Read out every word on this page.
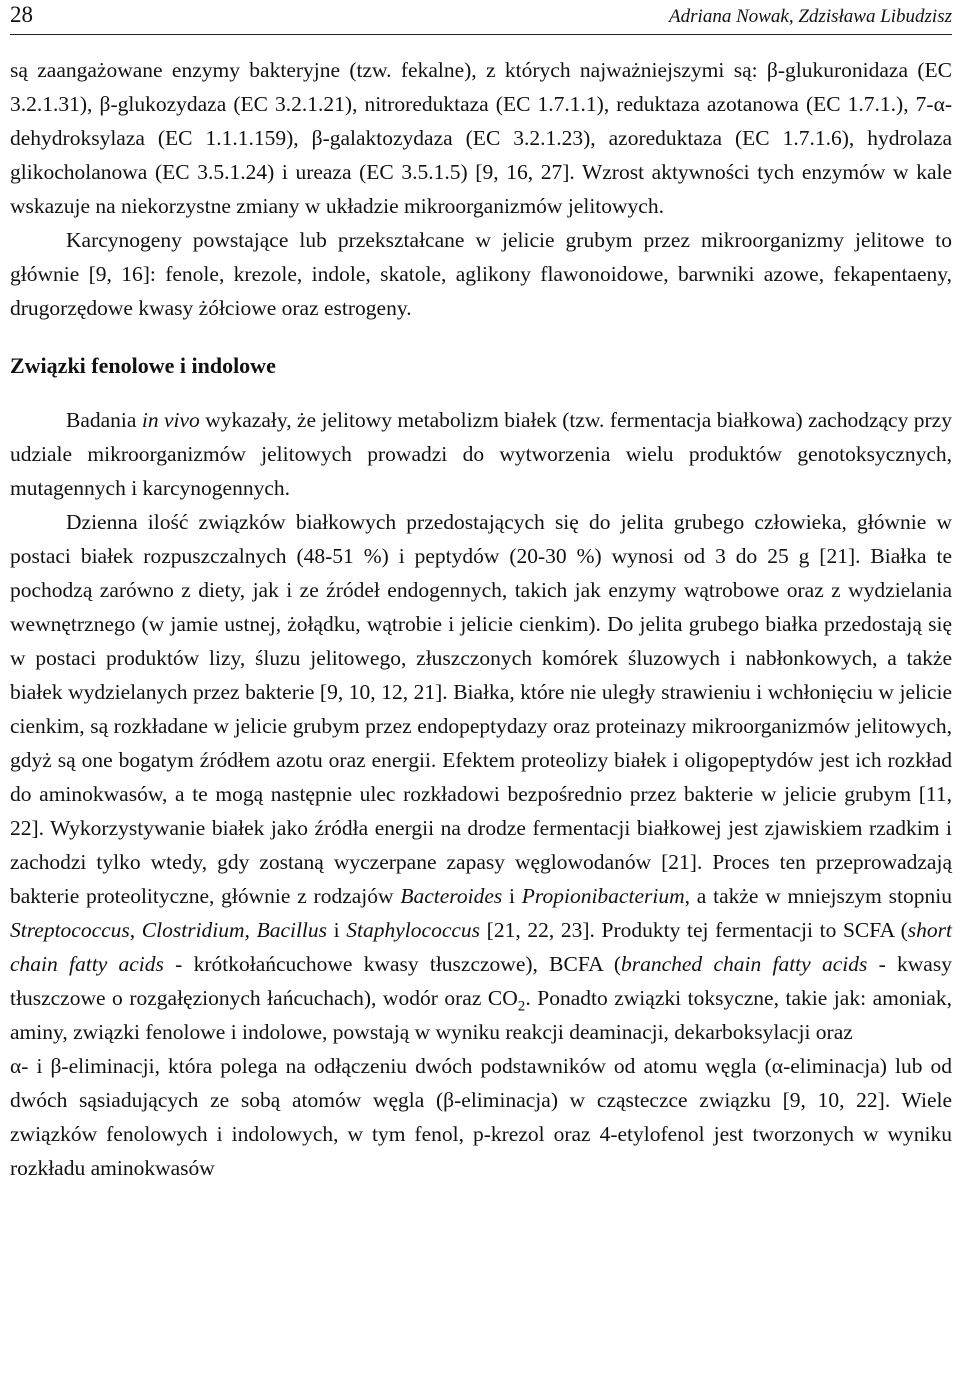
28	Adriana Nowak, Zdzisława Libudzisz

są zaangażowane enzymy bakteryjne (tzw. fekalne), z których najważniejszymi są: β-glukuronidaza (EC 3.2.1.31), β-glukozydaza (EC 3.2.1.21), nitroreduktaza (EC 1.7.1.1), reduktaza azotanowa (EC 1.7.1.), 7-α-dehydroksylaza (EC 1.1.1.159), β-galaktozydaza (EC 3.2.1.23), azoreduktaza (EC 1.7.1.6), hydrolaza glikocholanowa (EC 3.5.1.24) i ureaza (EC 3.5.1.5) [9, 16, 27]. Wzrost aktywności tych enzymów w kale wskazuje na niekorzystne zmiany w układzie mikroorganizmów jelitowych.

Karcynogeny powstające lub przekształcane w jelicie grubym przez mikroorganizmy jelitowe to głównie [9, 16]: fenole, krezole, indole, skatole, aglikony flawonoidowe, barwniki azowe, fekapentaeny, drugorzędowe kwasy żółciowe oraz estrogeny.

Związki fenolowe i indolowe

Badania in vivo wykazały, że jelitowy metabolizm białek (tzw. fermentacja białkowa) zachodzący przy udziale mikroorganizmów jelitowych prowadzi do wytworzenia wielu produktów genotoksycznych, mutagennych i karcynogennych.

Dzienna ilość związków białkowych przedostających się do jelita grubego człowieka, głównie w postaci białek rozpuszczalnych (48-51 %) i peptydów (20-30 %) wynosi od 3 do 25 g [21]. Białka te pochodzą zarówno z diety, jak i ze źródeł endogennych, takich jak enzymy wątrobowe oraz z wydzielania wewnętrznego (w jamie ustnej, żołądku, wątrobie i jelicie cienkim). Do jelita grubego białka przedostają się w postaci produktów lizy, śluzu jelitowego, złuszczonych komórek śluzowych i nabłonkowych, a także białek wydzielanych przez bakterie [9, 10, 12, 21]. Białka, które nie uległy strawieniu i wchłonięciu w jelicie cienkim, są rozkładane w jelicie grubym przez endopeptydazy oraz proteinazy mikroorganizmów jelitowych, gdyż są one bogatym źródłem azotu oraz energii. Efektem proteolizy białek i oligopeptydów jest ich rozkład do aminokwasów, a te mogą następnie ulec rozkładowi bezpośrednio przez bakterie w jelicie grubym [11, 22]. Wykorzystywanie białek jako źródła energii na drodze fermentacji białkowej jest zjawiskiem rzadkim i zachodzi tylko wtedy, gdy zostaną wyczerpane zapasy węglowodanów [21]. Proces ten przeprowadzają bakterie proteolityczne, głównie z rodzajów Bacteroides i Propionibacterium, a także w mniejszym stopniu Streptococcus, Clostridium, Bacillus i Staphylococcus [21, 22, 23]. Produkty tej fermentacji to SCFA (short chain fatty acids - krótkołańcuchowe kwasy tłuszczowe), BCFA (branched chain fatty acids - kwasy tłuszczowe o rozgałęzionych łańcuchach), wodór oraz $CO_2$. Ponadto związki toksyczne, takie jak: amoniak, aminy, związki fenolowe i indolowe, powstają w wyniku reakcji deaminacji, dekarboksylacji oraz

α- i β-eliminacji, która polega na odłączeniu dwóch podstawników od atomu węgla (α-eliminacja) lub od dwóch sąsiadujących ze sobą atomów węgla (β-eliminacja) w cząsteczce związku [9, 10, 22]. Wiele związków fenolowych i indolowych, w tym fenol, p-krezol oraz 4-etylofenol jest tworzonych w wyniku rozkładu aminokwasów
